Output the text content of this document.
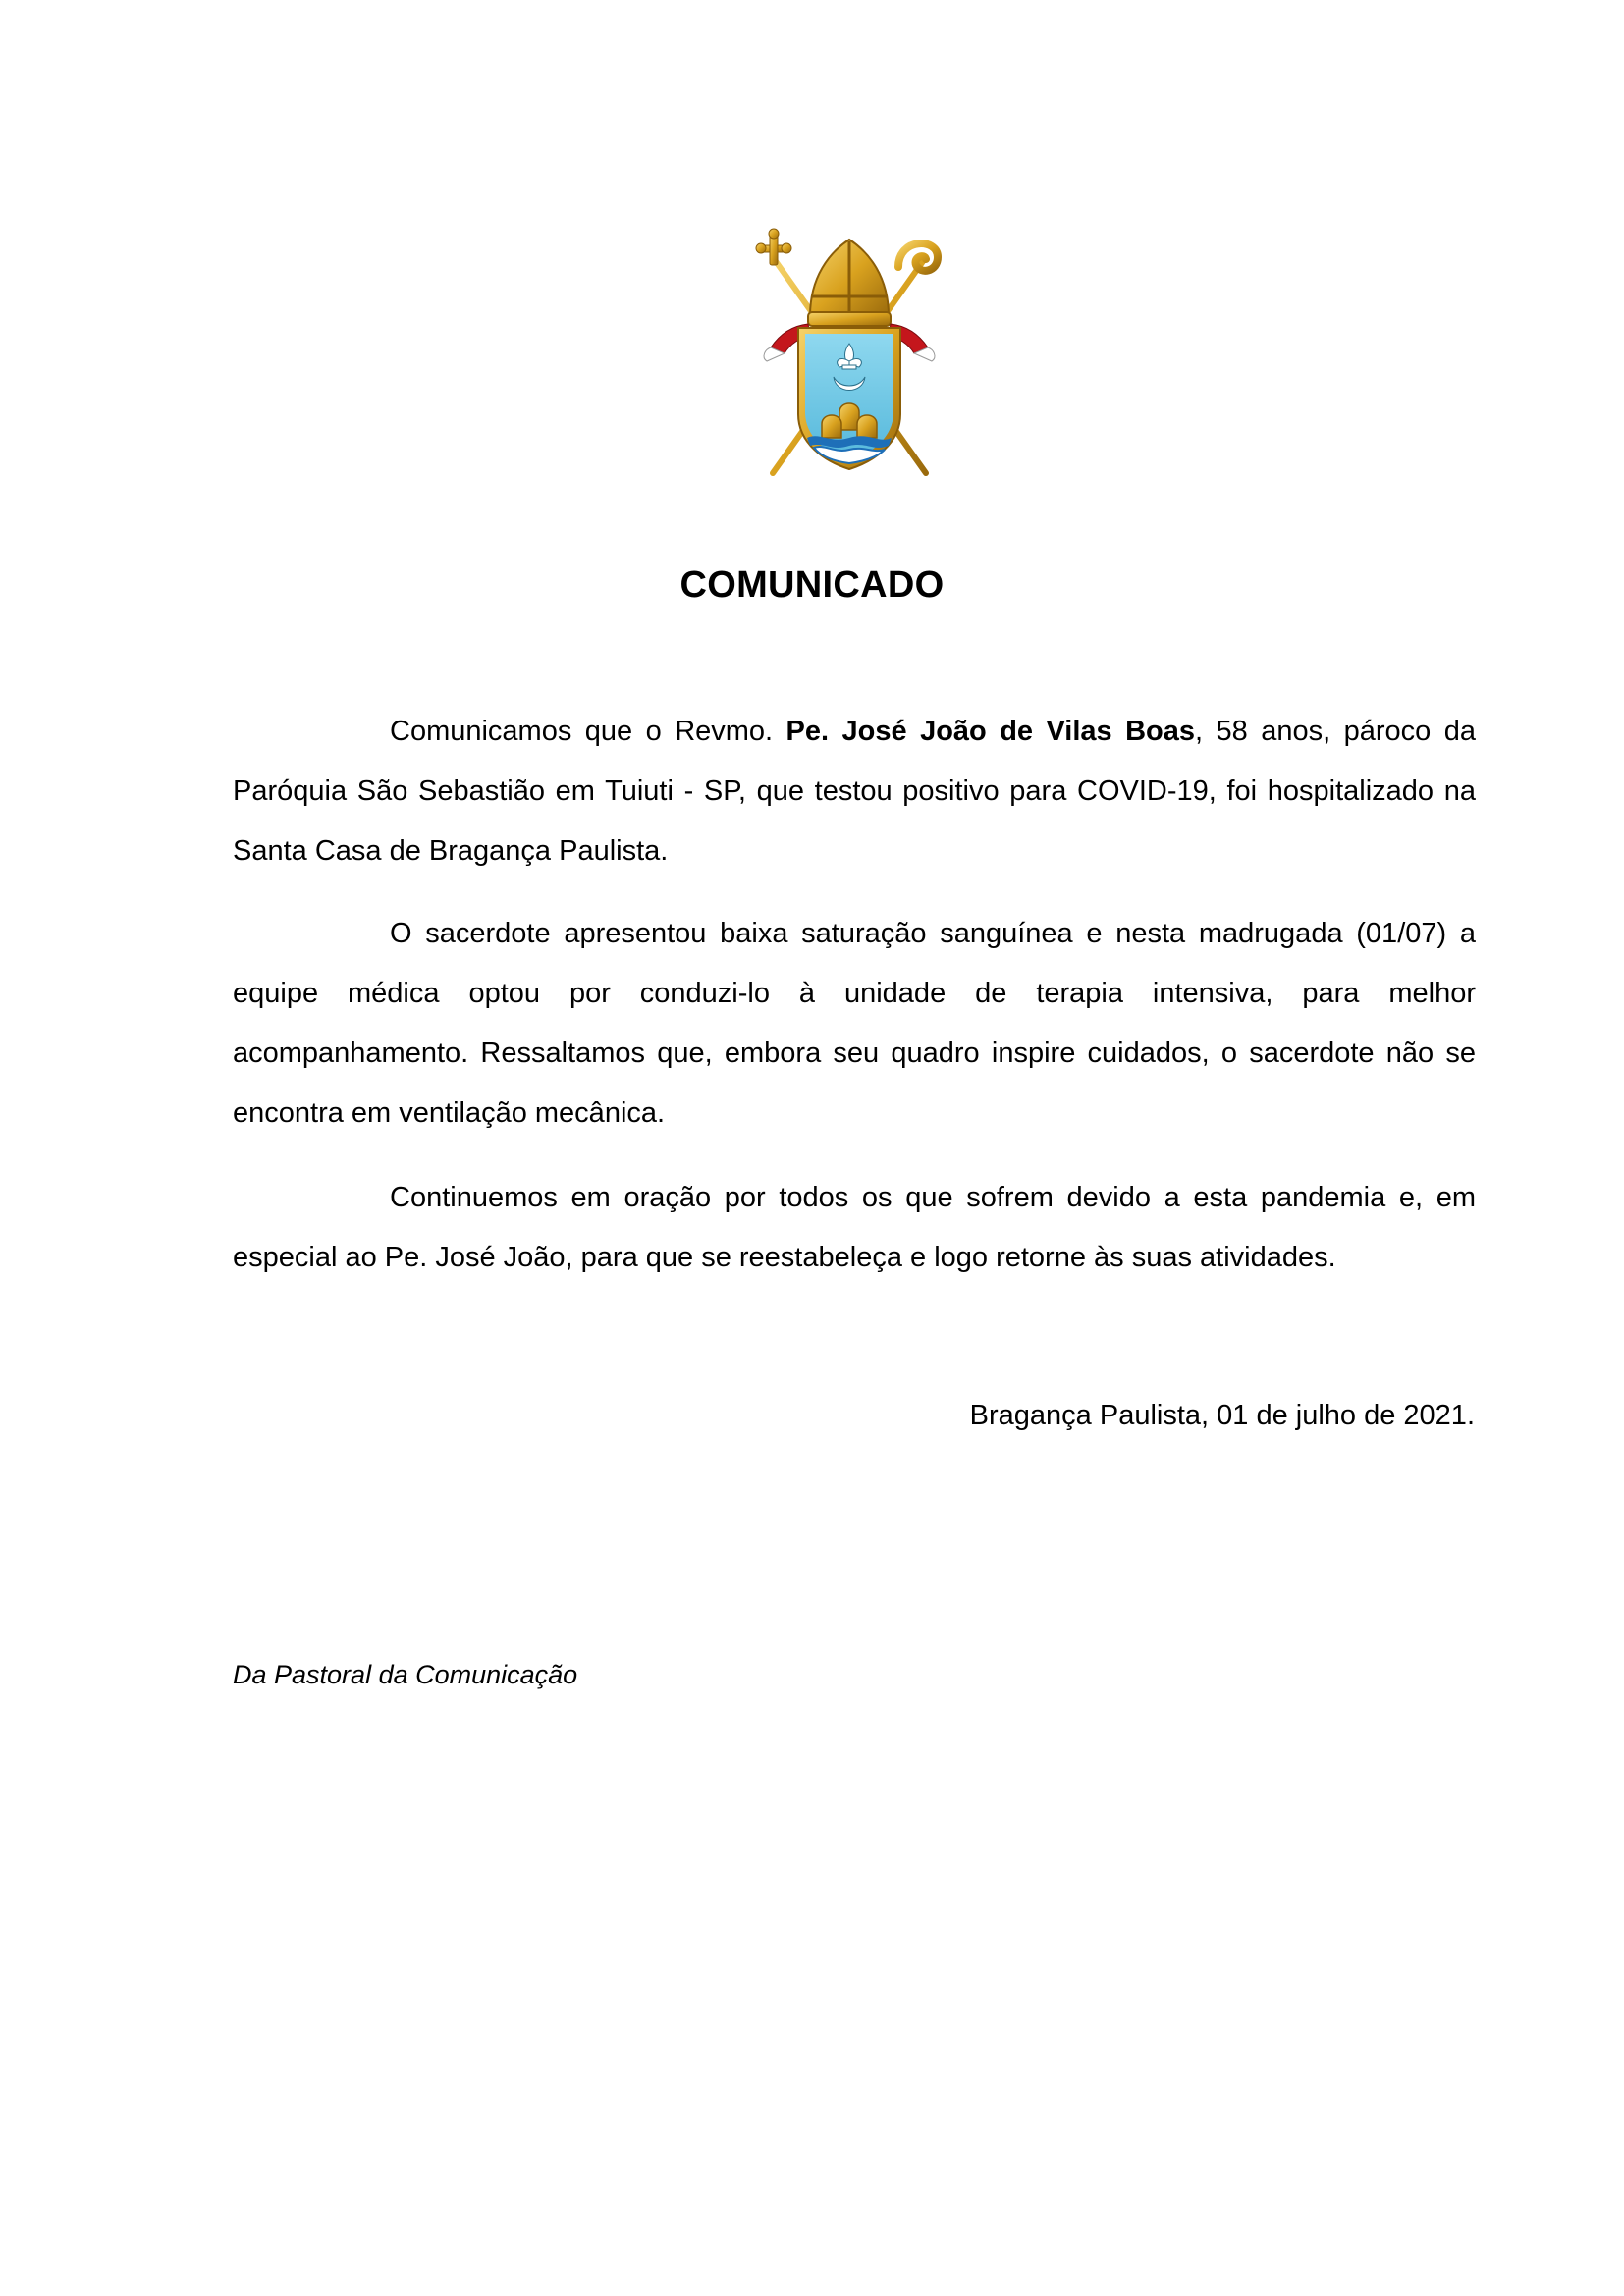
COMUNICADO

Comunicamos que o Revmo. Pe. José João de Vilas Boas, 58 anos, pároco da Paróquia São Sebastião em Tuiuti - SP, que testou positivo para COVID-19, foi hospitalizado na Santa Casa de Bragança Paulista.

O sacerdote apresentou baixa saturação sanguínea e nesta madrugada (01/07) a equipe médica optou por conduzi-lo à unidade de terapia intensiva, para melhor acompanhamento. Ressaltamos que, embora seu quadro inspire cuidados, o sacerdote não se encontra em ventilação mecânica.

Continuemos em oração por todos os que sofrem devido a esta pandemia e, em especial ao Pe. José João, para que se reestabeleça e logo retorne às suas atividades.

Bragança Paulista, 01 de julho de 2021.

Da Pastoral da Comunicação
